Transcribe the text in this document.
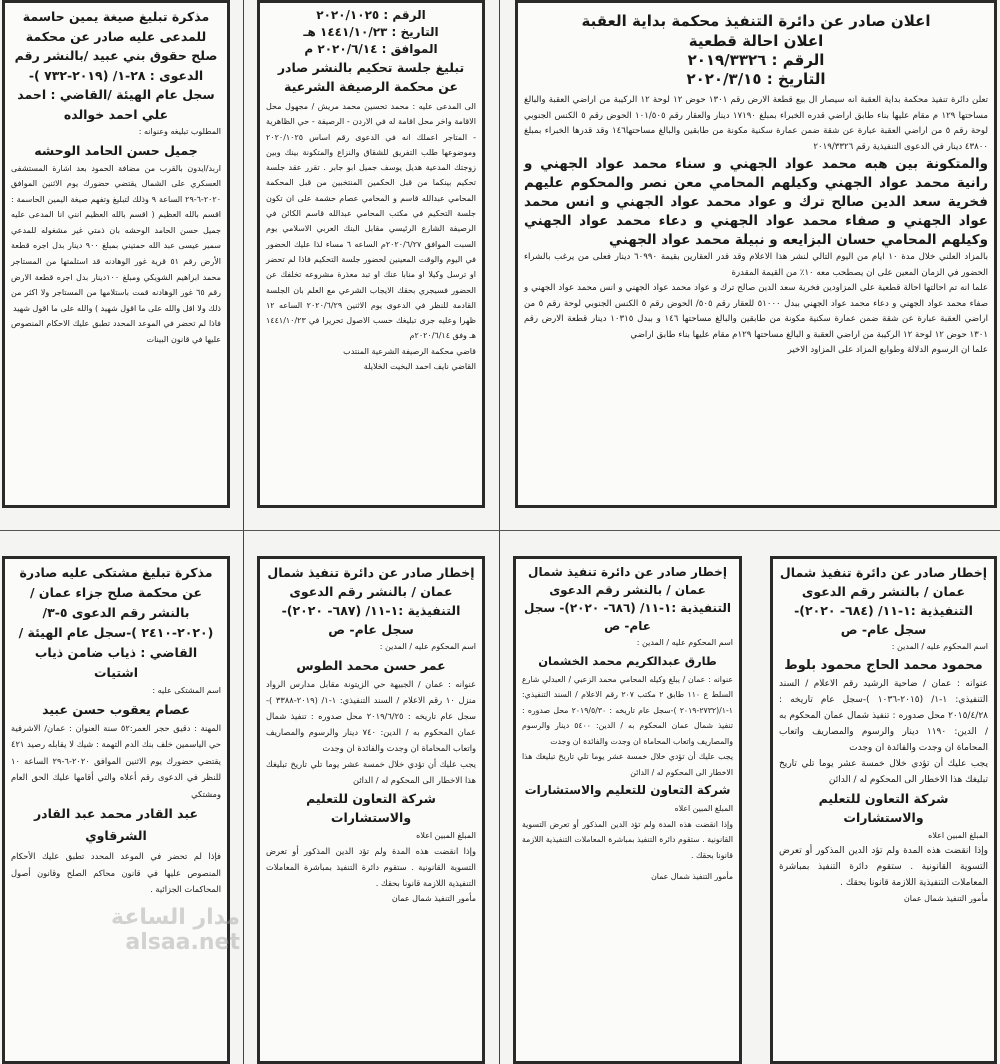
اعلان صادر عن دائرة التنفيذ محكمة بداية العقبة اعلان احالة قطعية

الرقم : ٢٠١٩/٣٣٢٦

التاريخ : ٢٠٢٠/٣/١٥

تعلن دائرة تنفيذ محكمة بداية العقبة انه سيصار ال بيع قطعة الارض رقم ١٣٠١ حوض ١٢ لوحة ١٢ الركيبة من اراضي العقبة والبالغ مساحتها ١٢٩ م مقام عليها بناء طابق اراضي قدره الخبراء بمبلغ ١٧١٩٠ دينار والعقار رقم ١٠١/٥٠٥ الحوض رقم ٥ الكنس الجنوبي لوحة رقم ٥ من اراضي العقبة عبارة عن شقة ضمن عمارة سكنية مكونة من طابقين والبالغ مساحتها١٤٦ وقد قدرها الخبراء بمبلغ ٤٣٨٠٠ دينار في الدعوى التنفيذية رقم ٢٠١٩/٣٣٢٦

والمتكونة بين هبه محمد عواد الجهني و سناء محمد عواد الجهني و رانية محمد عواد الجهني وكيلهم المحامي معن نصر والمحكوم عليهم فخرية سعد الدين صالح ترك و عواد محمد عواد الجهني و انس محمد عواد الجهني و صفاء محمد عواد الجهني و دعاء محمد عواد الجهني وكيلهم المحامي حسان البزايعه و نبيلة محمد عواد الجهني

بالمزاد العلني خلال مدة ١٠ ايام من اليوم التالي لنشر هذا الاعلام وقد قدر العقارين بقيمة ٦٠٩٩٠ دينار فعلى من يرغب بالشراء الحضور في الزمان المعين على ان يصطحب معه ١٠٪ من القيمة المقدرة

علما انه تم احالتها احالة قطعية على المزاودين فخرية سعد الدين صالح ترك و عواد محمد عواد الجهني و انس محمد عواد الجهني و صفاء محمد عواد الجهني و دعاء محمد عواد الجهني ببدل ٥١٠٠٠ للعقار رقم ٥٠٥/ الحوض رقم ٥ الكنس الجنوبي لوحة رقم ٥ من اراضي العقبة عبارة عن شقة ضمن عمارة سكنية مكونة من طابقين والبالغ مساحتها ١٤٦ و ببدل ١٠٣١٥ دينار قطعة الارض رقم ١٣٠١ حوض ١٢ لوحة ١٢ الركيبة من اراضي العقبة و البالغ مساحتها ١٢٩م مقام عليها بناء طابق اراضي

علما ان الرسوم الدلالة وطوابع المزاد على المزاود الاخير

الرقم : ٢٠٢٠/١٠٢٥

التاريخ : ١٤٤١/١٠/٢٣ هـ

الموافق : ٢٠٢٠/٦/١٤ م

تبليغ جلسة تحكيم بالنشر صادر عن محكمة الرصيفة الشرعية

الى المدعى عليه : محمد تحسين محمد مريش / مجهول محل الاقامة واخر محل اقامة له في الاردن - الرصيفة - حي الظاهرية - المتاجر اعملك انه في الدعوى رقم اساس ٢٠٢٠/١٠٢٥ وموضوعها طلب التفريق للشقاق والنزاع والمتكونة بينك وبين زوجتك المدعية هديل يوسف جميل ابو جابر . تقرر عقد جلسة تحكيم بينكما من قبل الحكمين المنتخبين من قبل المحكمة المحامي عبدالله قاسم و المحامي عصام حشمة على ان تكون جلسة التحكيم في مكتب المحامي عبدالله قاسم الكائن في الرصيفة الشارع الرئيسي مقابل البنك العربي الاسلامي يوم السبت الموافق ٢٠٢٠/٦/٢٧م الساعه ٦ مساء لذا عليك الحضور في اليوم والوقت المعينين لحضور جلسة التحكيم فاذا لم تحضر او ترسل وكيلا او منابا عنك او تبد معذرة مشروعه تخلفك عن الحضور فسيجري بحقك الايجاب الشرعي مع العلم بان الجلسة القادمة للنظر في الدعوى يوم الاثنين ٢٠٢٠/٦/٢٩ الساعه ١٢ ظهرا وعليه جرى تبليغك حسب الاصول تحريرا في ١٤٤١/١٠/٢٣ هـ وفق ٢٠٢٠/٦/١٤م

قاضي محكمة الرصيفة الشرعية المنتدب

القاضي نايف احمد البخيت الخلايلة

مذكرة تبليغ صيغة يمين حاسمة للمدعى عليه صادر عن محكمة صلح حقوق بني عبيد /بالنشر رقم الدعوى : ٢٨-١/ (٢٠١٩-٧٣٢ )- سجل عام الهيئة /القاضي : احمد علي احمد خوالده

المطلوب تبليغه وعنوانه :

جميل حسن الحامد الوحشه

اربد/ايدون بالقرب من مضافة الحمود بعد اشارة المستشفى العسكري على الشمال يقتضي حضورك يوم الاثنين الموافق ٢٠٢٠-٦-٢٩ الساعة ٩ وذلك لتبليغ وتفهم صيغة اليمين الحاسمة : اقسم بالله العظيم ( اقسم بالله العظيم انني انا المدعى عليه جميل حسن الحامد الوحشه بان ذمتي غير مشغوله للمدعي سمير عيسى عبد الله حمتيني بمبلغ ٩٠٠ دينار بدل اجره قطعة الأرض رقم ٥١ قرية غور الوهادنه قد استلمتها من المستاجر محمد ابراهيم الشويكي ومبلغ ١٠٠دينار بدل اجره قطعة الارض رقم ٦٥ غور الوهادنه قمت باستلامها من المستاجر ولا اكثر من ذلك ولا اقل والله على ما اقول شهيد ) والله على ما اقول شهيد

فاذا لم تحضر في الموعد المحدد تطبق عليك الاحكام المنصوص عليها في قانون البينات

إخطار صادر عن دائرة تنفيذ شمال عمان / بالنشر رقم الدعوى التنفيذية :١-١١/ (٦٨٤- ٢٠٢٠)- سجل عام- ص

اسم المحكوم عليه / المدين :

محمود محمد الحاج محمود بلوط

عنوانه : عمان / ضاحية الرشيد رقم الاعلام / السند التنفيذي: ١-١/ (٢٠١٥-١٠٣٦ )-سجل عام تاريخه : ٢٠١٥/٤/٢٨ محل صدوره : تنفيذ شمال عمان المحكوم به / الدين: ١١٩٠ دينار والرسوم والمصاريف واتعاب المحاماة ان وجدت والفائدة ان وجدت

يجب عليك أن تؤدي خلال خمسة عشر يوما تلي تاريخ تبليغك هذا الاخطار الى المحكوم له / الدائن

شركة التعاون للتعليم والاستشارات

المبلغ المبين اعلاه

وإذا انقضت هذه المدة ولم تؤد الدين المذكور أو تعرض التسوية القانونية . ستقوم دائرة التنفيذ بمباشرة المعاملات التنفيذية اللازمة قانونا بحقك .

مأمور التنفيذ شمال عمان

إخطار صادر عن دائرة تنفيذ شمال عمان / بالنشر رقم الدعوى التنفيذية :١-١١/ (٦٨٦- ٢٠٢٠)- سجل عام- ص

اسم المحكوم عليه / المدين :

طارق عبدالكريم محمد الخشمان

عنوانه : عمان / يبلغ وكيله المحامي محمد الزعبي / العبدلي شارع السلط ع ١١٠ طابق ٢ مكتب ٢٠٧ رقم الاعلام / السند التنفيذي: ١-١/(٢٧٣٢-٢٠١٩ )-سجل عام تاريخه : ٢٠١٩/٥/٣٠ محل صدوره : تنفيذ شمال عمان المحكوم به / الدين: ٥٤٠٠ دينار والرسوم والمصاريف واتعاب المحاماة ان وجدت والفائدة ان وجدت

يجب عليك أن تؤدي خلال خمسة عشر يوما تلي تاريخ تبليغك هذا الاخطار الى المحكوم له / الدائن

شركة التعاون للتعليم والاستشارات

المبلغ المبين اعلاه

وإذا انقضت هذه المدة ولم تؤد الدين المذكور أو تعرض التسوية القانونية . ستقوم دائرة التنفيذ بمباشرة المعاملات التنفيذية اللازمة قانونا بحقك .

مأمور التنفيذ شمال عمان

إخطار صادر عن دائرة تنفيذ شمال عمان / بالنشر رقم الدعوى التنفيذية :١-١١/ (٦٨٧- ٢٠٢٠)- سجل عام- ص

اسم المحكوم عليه / المدين :

عمر حسن محمد الطوس

عنوانه : عمان / الجبيهة حي الزيتونة مقابل مدارس الرواد منزل ١٠ رقم الاعلام / السند التنفيذي: ١-١/ (٢٠١٩-٣٣٨٨ )-سجل عام تاريخه : ٢٠١٩/٦/٢٥ محل صدوره : تنفيذ شمال عمان المحكوم به / الدين: ٧٤٠ دينار والرسوم والمصاريف واتعاب المحاماة ان وجدت والفائدة ان وجدت

يجب عليك أن تؤدي خلال خمسة عشر يوما تلي تاريخ تبليغك هذا الاخطار الى المحكوم له / الدائن

شركة التعاون للتعليم والاستشارات

المبلغ المبين اعلاه

وإذا انقضت هذه المدة ولم تؤد الدين المذكور أو تعرض التسوية القانونية . ستقوم دائرة التنفيذ بمباشرة المعاملات التنفيذية اللازمة قانونا بحقك .

مأمور التنفيذ شمال عمان

مذكرة تبليغ مشتكى عليه صادرة عن محكمة صلح جزاء عمان / بالنشر رقم الدعوى ٥-٣/ (٢٠٢٠-٢٤١٠ )-سجل عام الهيئة /القاضي : ذياب ضامن ذياب اشتيات

اسم المشتكى عليه :

عصام يعقوب حسن عبيد

المهنة : دقيق حجر العمر:٥٢ سنة العنوان : عمان/ الاشرفية حي الياسمين خلف بنك الدم التهمة : شيك لا يقابله رصيد ٤٢١ يقتضي حضورك يوم الاثنين الموافق ٢٠٢٠-٦-٢٩ الساعة ١٠ للنظر في الدعوى رقم أعلاه والتي أقامها عليك الحق العام ومشتكي

عبد القادر محمد عبد القادر الشرقاوي

فإذا لم تحضر في الموعد المحدد تطبق عليك الأحكام المنصوص عليها في قانون محاكم الصلح وقانون أصول المحاكمات الجزائية .

مدار الساعة alsaa.net
